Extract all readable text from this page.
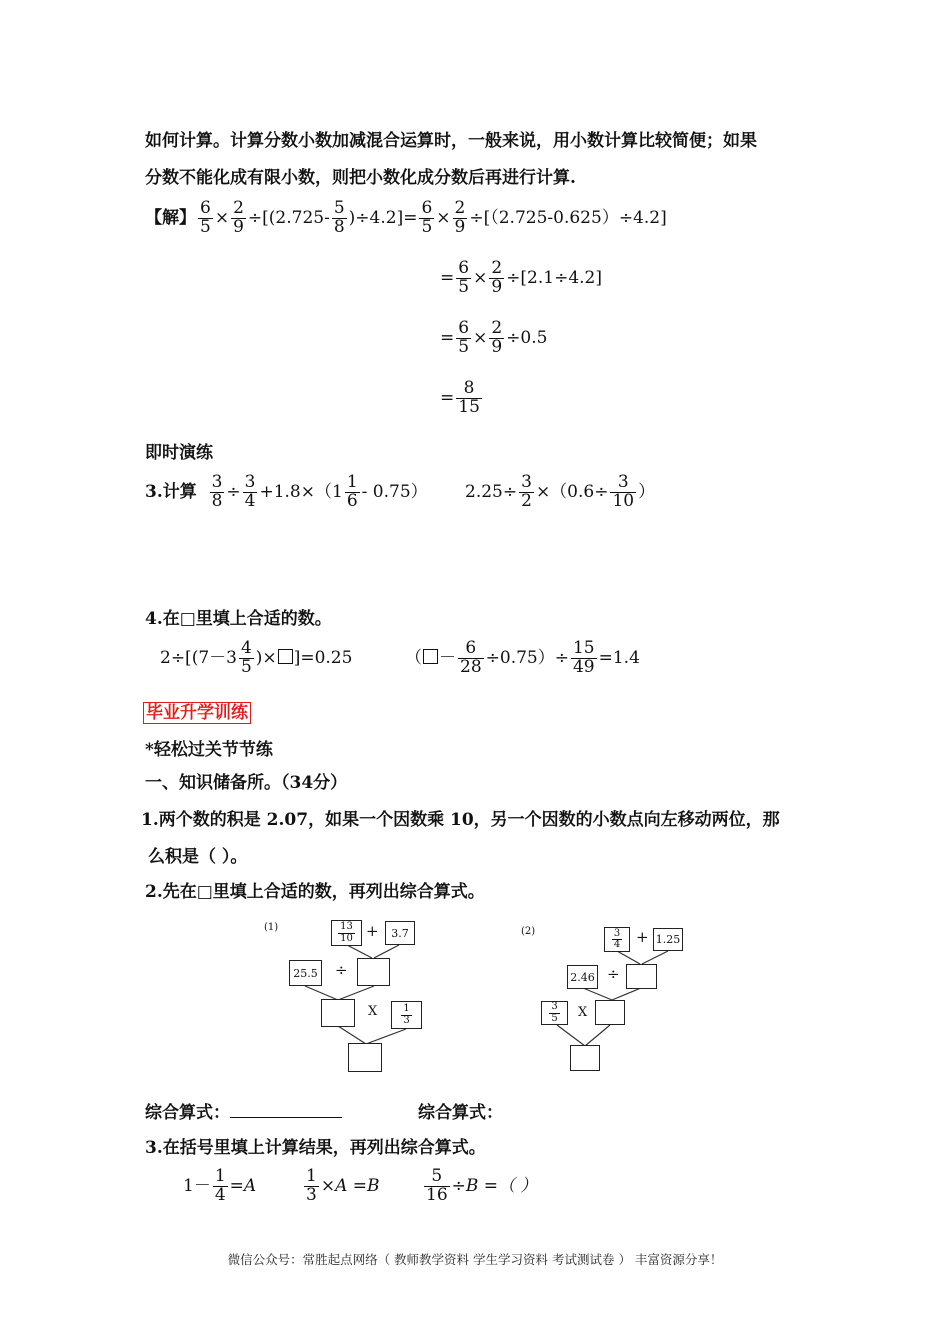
如何计算。计算分数小数加减混合运算时，一般来说，用小数计算比较简便；如果
分数不能化成有限小数，则把小数化成分数后再进行计算.
【解】 $\frac{6}{5} \times \frac{2}{9} \div[(2.725- \frac{5}{8} )\div 4.2]= \frac{6}{5} \times \frac{2}{9} \div[(2.725-0.625)\div 4.2]$
= $\frac{6}{5} \times \frac{2}{9} \div[2.1\div 4.2]$
= $\frac{6}{5} \times \frac{2}{9} \div 0.5$
= $\frac{8}{15}$
即时演练
3.计算 $\frac{3}{8} \div \frac{3}{4} +1.8\times(1 \frac{1}{6} - 0.75)$ $2.25\div \frac{3}{2} \times(0.6\div \frac{3}{10}$ ）
4.在□里填上合适的数。
$2\div[(7-3 \frac{4}{5}$ )× ]=0.25	（ － $\frac{6}{28} \div 0.75)\div \frac{15}{49} =1.4$
毕业升学训练
*轻松过关节节练
一、知识储备所。（34分）
1.两个数的积是 2.07，如果一个因数乘 10，另一个因数的小数点向左移动两位，那
么积是（ ）。
2.先在□里填上合适的数，再列出综合算式。
(1)	$\frac{13}{10}$ +	3.7
25.5 ÷
X $\frac{1}{3}$
(2)	$\frac{3}{4} + 1.25$
2.46 ÷
$\frac{3}{5}$ X
综合算式：	综合算式：
3.在括号里填上计算结果，再列出综合算式。
$1- \frac{1}{4} =A$	$\frac{1}{3} \times A =B$	$\frac{5}{16} \div B$ =（ ）
微信公众号：常胜起点网络（ 教师教学资料 学生学习资料 考试测试卷 ） 丰富资源分享！
